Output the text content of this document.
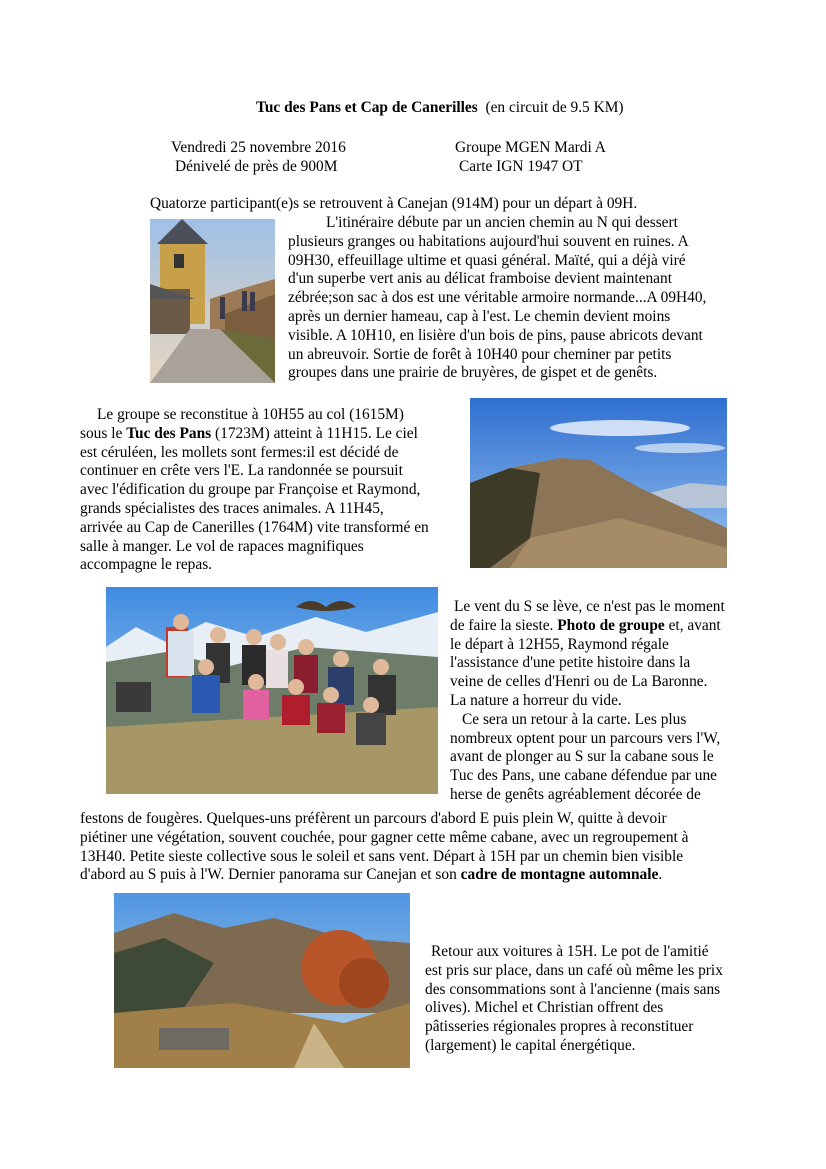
Tuc des Pans et Cap de Canerilles (en circuit de 9.5 KM)
Vendredi 25 novembre 2016	Groupe MGEN Mardi A
Dénivelé de près de 900M	Carte IGN 1947 OT
Quatorze participant(e)s se retrouvent à Canejan (914M) pour un départ à 09H.
L'itinéraire débute par un ancien chemin au N qui dessert
plusieurs granges ou habitations aujourd'hui souvent en ruines. A
09H30, effeuillage ultime et quasi général. Maïté, qui a déjà viré
d'un superbe vert anis au délicat framboise devient maintenant
zébrée;son sac à dos est une véritable armoire normande...A 09H40,
après un dernier hameau, cap à l'est. Le chemin devient moins
visible. A 10H10, en lisière d'un bois de pins, pause abricots devant
un abreuvoir. Sortie de forêt à 10H40 pour cheminer par petits
groupes dans une prairie de bruyères, de gispet et de genêts.
Le groupe se reconstitue à 10H55 au col (1615M)
sous le Tuc des Pans (1723M) atteint à 11H15. Le ciel
est céruléen, les mollets sont fermes:il est décidé de
continuer en crête vers l'E. La randonnée se poursuit
avec l'édification du groupe par Françoise et Raymond,
grands spécialistes des traces animales. A 11H45,
arrivée au Cap de Canerilles (1764M) vite transformé en
salle à manger. Le vol de rapaces magnifiques
accompagne le repas.
Le vent du S se lève, ce n'est pas le moment
de faire la sieste. Photo de groupe et, avant
le départ à 12H55, Raymond régale
l'assistance d'une petite histoire dans la
veine de celles d'Henri ou de La Baronne.
La nature a horreur du vide.
Ce sera un retour à la carte. Les plus
nombreux optent pour un parcours vers l'W,
avant de plonger au S sur la cabane sous le
Tuc des Pans, une cabane défendue par une
herse de genêts agréablement décorée de
festons de fougères. Quelques-uns préfèrent un parcours d'abord E puis plein W, quitte à devoir
piétiner une végétation, souvent couchée, pour gagner cette même cabane, avec un regroupement à
13H40. Petite sieste collective sous le soleil et sans vent. Départ à 15H par un chemin bien visible
d'abord au S puis à l'W. Dernier panorama sur Canejan et son cadre de montagne automnale.
Retour aux voitures à 15H. Le pot de l'amitié
est pris sur place, dans un café où même les prix
des consommations sont à l'ancienne (mais sans
olives). Michel et Christian offrent des
pâtisseries régionales propres à reconstituer
(largement) le capital énergétique.
